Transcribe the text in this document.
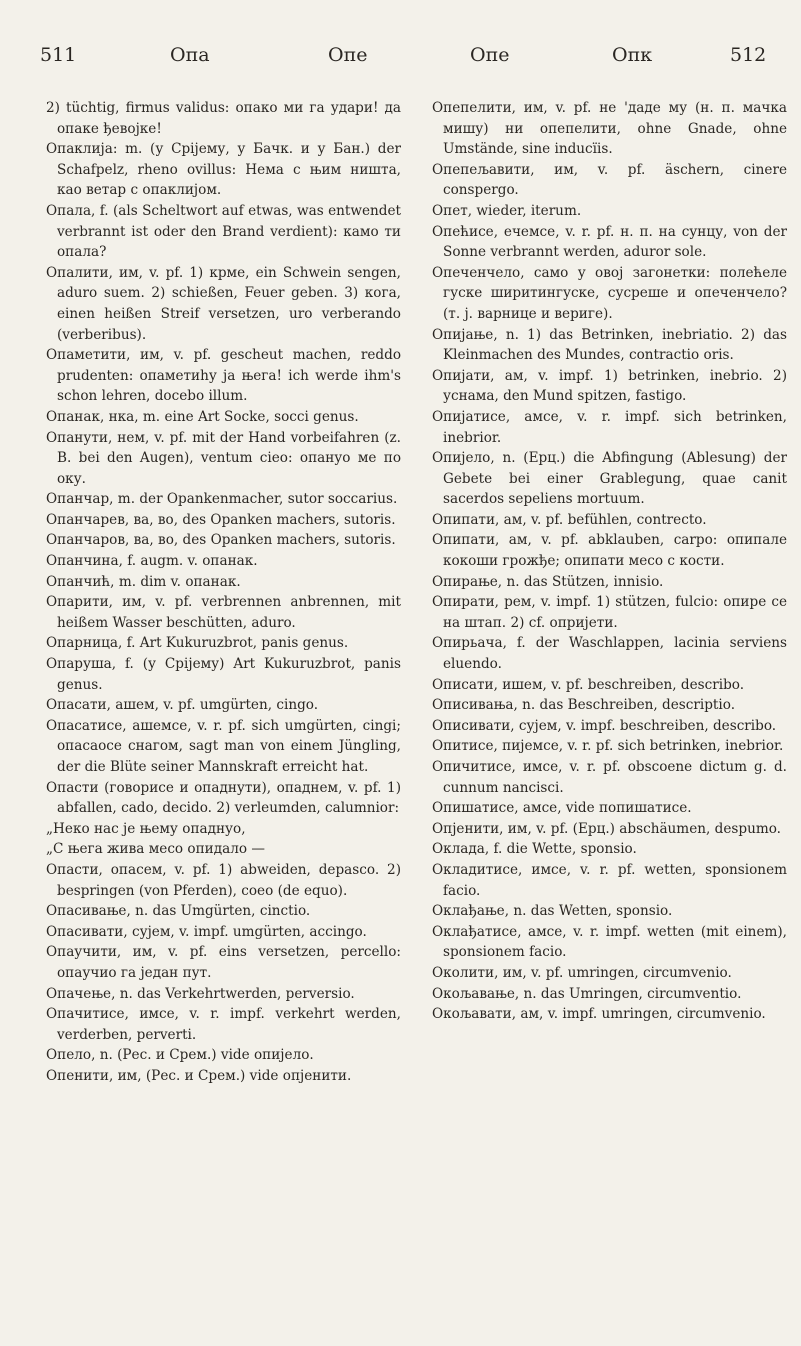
511	Опа	Опе	Опе	Опк	512

2) tüchtig, firmus validus: опако ми га удари! да опаке ђевојке!

Опаклија: m. (у Срijему, у Бачк. и у Бан.) der Schafpelz, rheno ovillus: Нема с њим ништа, као ветар с опаклиjом.

Опала, f. (als Scheltwort auf etwas, was entwendet verbrannt ist oder den Brand verdient): камо ти опала?

Опалити, им, v. pf. 1) крме, ein Schwein sengen, aduro suem. 2) schießen, Feuer geben. 3) кога, einen heißen Streif versetzen, uro verberando (verberibus).

Опаметити, им, v. pf. gescheut machen, reddo prudenten: опаметиhу ja њега! ich werde ihm's schon lehren, docebo illum.

Опанак, нка, m. eine Art Socke, socci genus.

Опанути, нем, v. pf. mit der Hand vorbeifahren (z. B. bei den Augen), ventum cieo: опануо ме по оку.

Опанчар, m. der Opankenmacher, sutor soccarius.

Опанчарев, ва, во, des Opanken machers, sutoris.

Опанчаров, ва, во, des Opanken machers, sutoris.

Опанчина, f. augm. v. опанак.

Опанчић, m. dim v. опанак.

Опарити, им, v. pf. verbrennen anbrennen, mit heißem Wasser beschütten, aduro.

Опарница, f. Art Kukuruzbrot, panis genus.

Опаруша, f. (у Срijему) Art Kukuruzbrot, panis genus.

Опасати, ашем, v. pf. umgürten, cingo.

Опасатисе, ашемсе, v. r. pf. sich umgürten, cingi; опасаосе снагом, sagt man von einem Jüngling, der die Blüte seiner Mannskraft erreicht hat.

Опасти (говорисе и опаднути), опаднем, v. pf. 1) abfallen, cado, decido. 2) verleumden, calumnior:

„Неко нас je њему опаднуо,

„С њега жива месо опидало —

Опасти, опасем, v. pf. 1) abweiden, depasco. 2) bespringen (von Pferden), coeo (de equo).

Опасивање, n. das Umgürten, cinctio.

Опасивати, сујем, v. impf. umgürten, accingo.

Опаучити, им, v. pf. eins versetzen, percello: опаучио га jедан пут.

Опачење, n. das Verkehrtwerden, perversio.

Опачитисе, имсе, v. r. impf. verkehrt werden, verderben, perverti.

Опело, n. (Рес. и Срем.) vide опијело.

Опенити, им, (Рес. и Срем.) vide опjенити.

Опепелити, им, v. pf. не 'даде му (н. п. мачка мишу) ни опепелити, ohne Gnade, ohne Umstände, sine inducïis.

Опепељавити, им, v. pf. äschern, cinere conspergo.

Опет, wieder, iterum.

Опећисе, ечемсе, v. r. pf. н. п. на сунцу, von der Sonne verbrannt werden, aduror sole.

Опеченчело, само у овоj загонетки: полећеле гуске ширитингуске, сусреше и опеченчело? (т. j. варнице и вериге).

Опиjање, n. 1) das Betrinken, inebriatio. 2) das Kleinmachen des Mundes, contractio oris.

Опиjати, ам, v. impf. 1) betrinken, inebrio. 2) уснама, den Mund spitzen, fastigo.

Опиjатисе, амсе, v. r. impf. sich betrinken, inebrior.

Опиjело, n. (Ерц.) die Abfingung (Ablesung) der Gebete bei einer Grablegung, quae canit sacerdos sepeliens mortuum.

Опипати, ам, v. pf. befühlen, contrecto.

Опипати, ам, v. pf. abklauben, carpo: опипале кокоши грожђе; опипати месо с кости.

Опирање, n. das Stützen, innisio.

Опирати, рем, v. impf. 1) stützen, fulcio: опире се на штап. 2) cf. опријети.

Опирьача, f. der Waschlappen, lacinia serviens eluendo.

Описати, ишем, v. pf. beschreiben, describo.

Описивања, n. das Beschreiben, descriptio.

Описивати, сујем, v. impf. beschreiben, describo.

Опитисе, пиjемсе, v. r. pf. sich betrinken, inebrior.

Опичитисе, имсе, v. r. pf. obscoene dictum g. d. cunnum nancisci.

Опишатисе, амсе, vide попишатисе.

Опjенити, им, v. pf. (Ерц.) abschäumen, despumo.

Оклада, f. die Wette, sponsio.

Окладитисе, имсе, v. r. pf. wetten, sponsionem facio.

Оклађање, n. das Wetten, sponsio.

Оклађатисе, амсе, v. r. impf. wetten (mit einem), sponsionem facio.

Околити, им, v. pf. umringen, circumvenio.

Окољавање, n. das Umringen, circumventio.

Окољавати, ам, v. impf. umringen, circumvenio.
